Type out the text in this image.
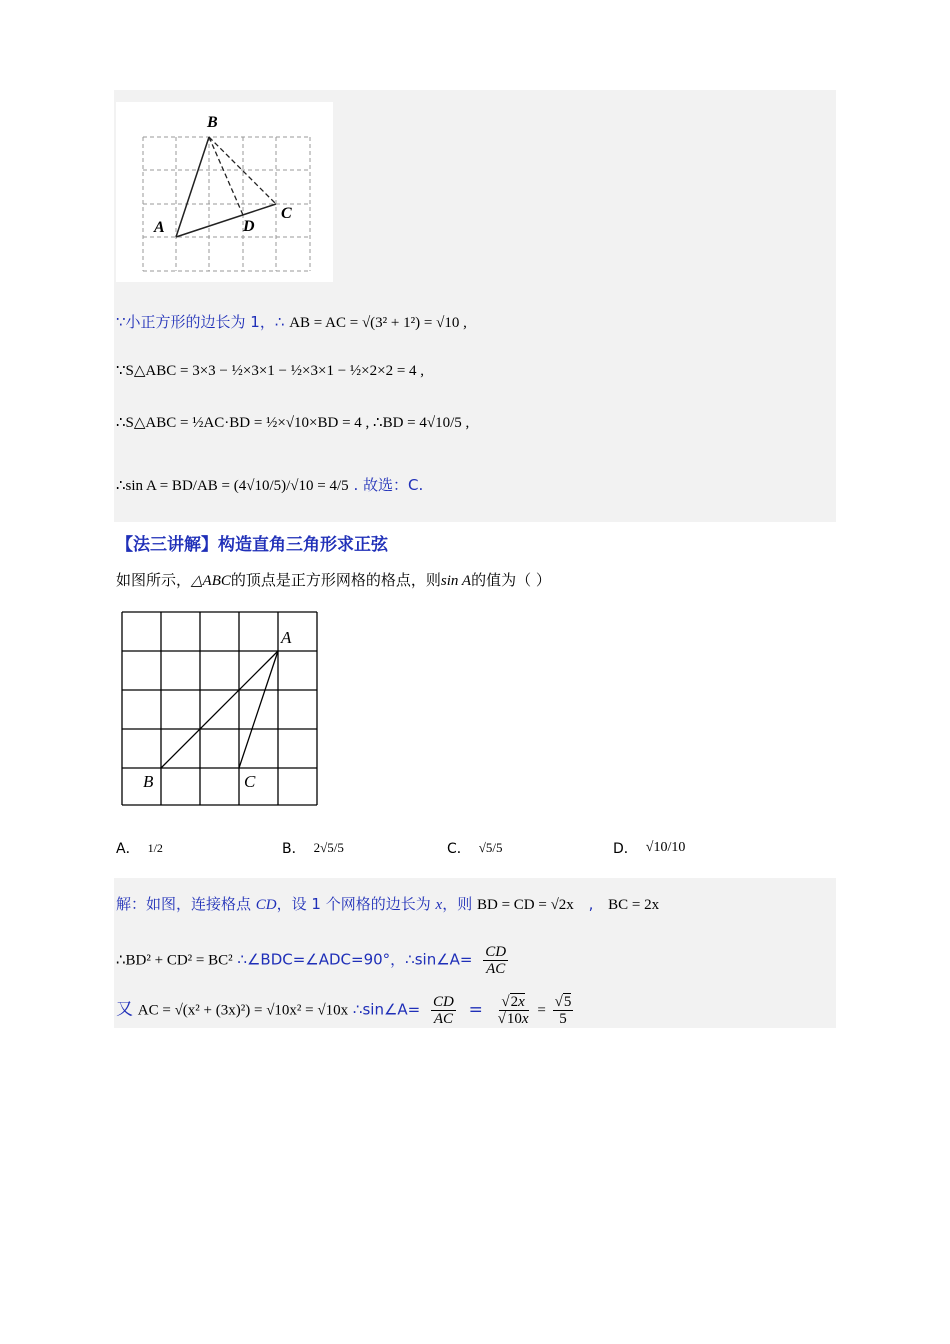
B
A
C
D
∵小正方形的边长为 1，∴ AB = AC = √(3² + 1²) = √10 ,
∵S△ABC = 3×3 − ½×3×1 − ½×3×1 − ½×2×2 = 4 ,
∴S△ABC = ½AC·BD = ½×√10×BD = 4 , ∴BD = 4√10/5 ,
∴sin A = BD/AB = (4√10/5)/√10 = 4/5 . 故选：C.
【法三讲解】构造直角三角形求正弦
如图所示，△ABC的顶点是正方形网格的格点，则sin A的值为（ ）
A
B	C
A． 1/2	B． 2√5/5	C． √5/5	D． √10/10
解：如图，连接格点 CD，设 1 个网格的边长为 x，则 BD = CD = √2x , BC = 2x
∴BD² + CD² = BC² ∴∠BDC=∠ADC=90°，∴sin∠A= $\frac{CD}{AC}$
又 AC = √(x² + (3x)²) = √10x² = √10x ∴sin∠A= $\frac{CD}{AC} = \frac{√2x}{√10x} = \frac{√5}{5}$
